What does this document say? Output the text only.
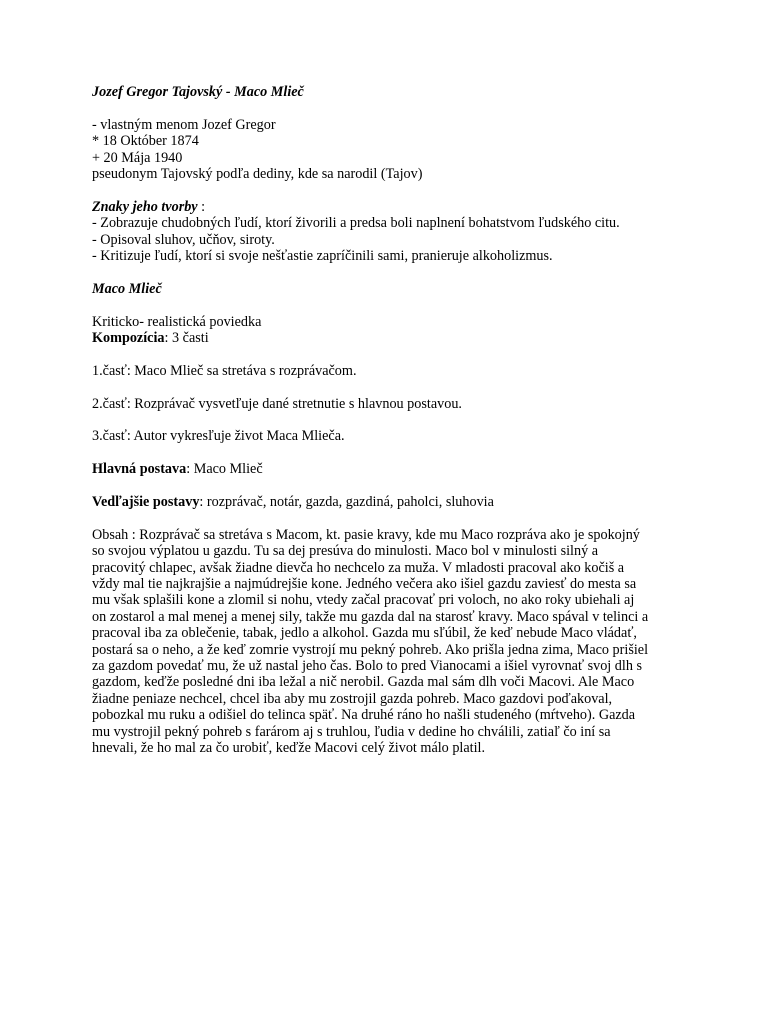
Jozef Gregor Tajovský - Maco Mlieč
- vlastným menom Jozef Gregor
* 18 Október 1874
+ 20 Mája 1940
pseudonym Tajovský podľa dediny, kde sa narodil (Tajov)
Znaky jeho tvorby :
- Zobrazuje chudobných ľudí, ktorí živorili a predsa boli naplnení bohatstvom ľudského citu.
- Opisoval sluhov, učňov, siroty.
- Kritizuje ľudí, ktorí si svoje nešťastie zapríčinili sami, pranieruje alkoholizmus.
Maco Mlieč
Kriticko- realistická poviedka
Kompozícia: 3 časti
1.časť: Maco Mlieč sa stretáva s rozprávačom.
2.časť: Rozprávač vysvetľuje dané stretnutie s hlavnou postavou.
3.časť: Autor vykresľuje život Maca Mlieča.
Hlavná postava: Maco Mlieč
Vedľajšie postavy: rozprávač, notár, gazda, gazdiná, paholci, sluhovia
Obsah : Rozprávač sa stretáva s Macom, kt. pasie kravy, kde mu Maco rozpráva ako je spokojný
so svojou výplatou u gazdu. Tu sa dej presúva do minulosti. Maco bol v minulosti silný a
pracovitý chlapec, avšak žiadne dievča ho nechcelo za muža. V mladosti pracoval ako kočiš a
vždy mal tie najkrajšie a najmúdrejšie kone. Jedného večera ako išiel gazdu zaviesť do mesta sa
mu však splašili kone a zlomil si nohu, vtedy začal pracovať pri voloch, no ako roky ubiehali aj
on zostarol a mal menej a menej sily, takže mu gazda dal na starosť kravy. Maco spával v telinci a
pracoval iba za oblečenie, tabak, jedlo a alkohol. Gazda mu sľúbil, že keď nebude Maco vládať,
postará sa o neho, a že keď zomrie vystrojí mu pekný pohreb. Ako prišla jedna zima, Maco prišiel
za gazdom povedať mu, že už nastal jeho čas. Bolo to pred Vianocami a išiel vyrovnať svoj dlh s
gazdom, keďže posledné dni iba ležal a nič nerobil. Gazda mal sám dlh voči Macovi. Ale Maco
žiadne peniaze nechcel, chcel iba aby mu zostrojil gazda pohreb. Maco gazdovi poďakoval,
pobozkal mu ruku a odišiel do telinca späť. Na druhé ráno ho našli studeného (mŕtveho). Gazda
mu vystrojil pekný pohreb s farárom aj s truhlou, ľudia v dedine ho chválili, zatiaľ čo iní sa
hnevali, že ho mal za čo urobiť, keďže Macovi celý život málo platil.
